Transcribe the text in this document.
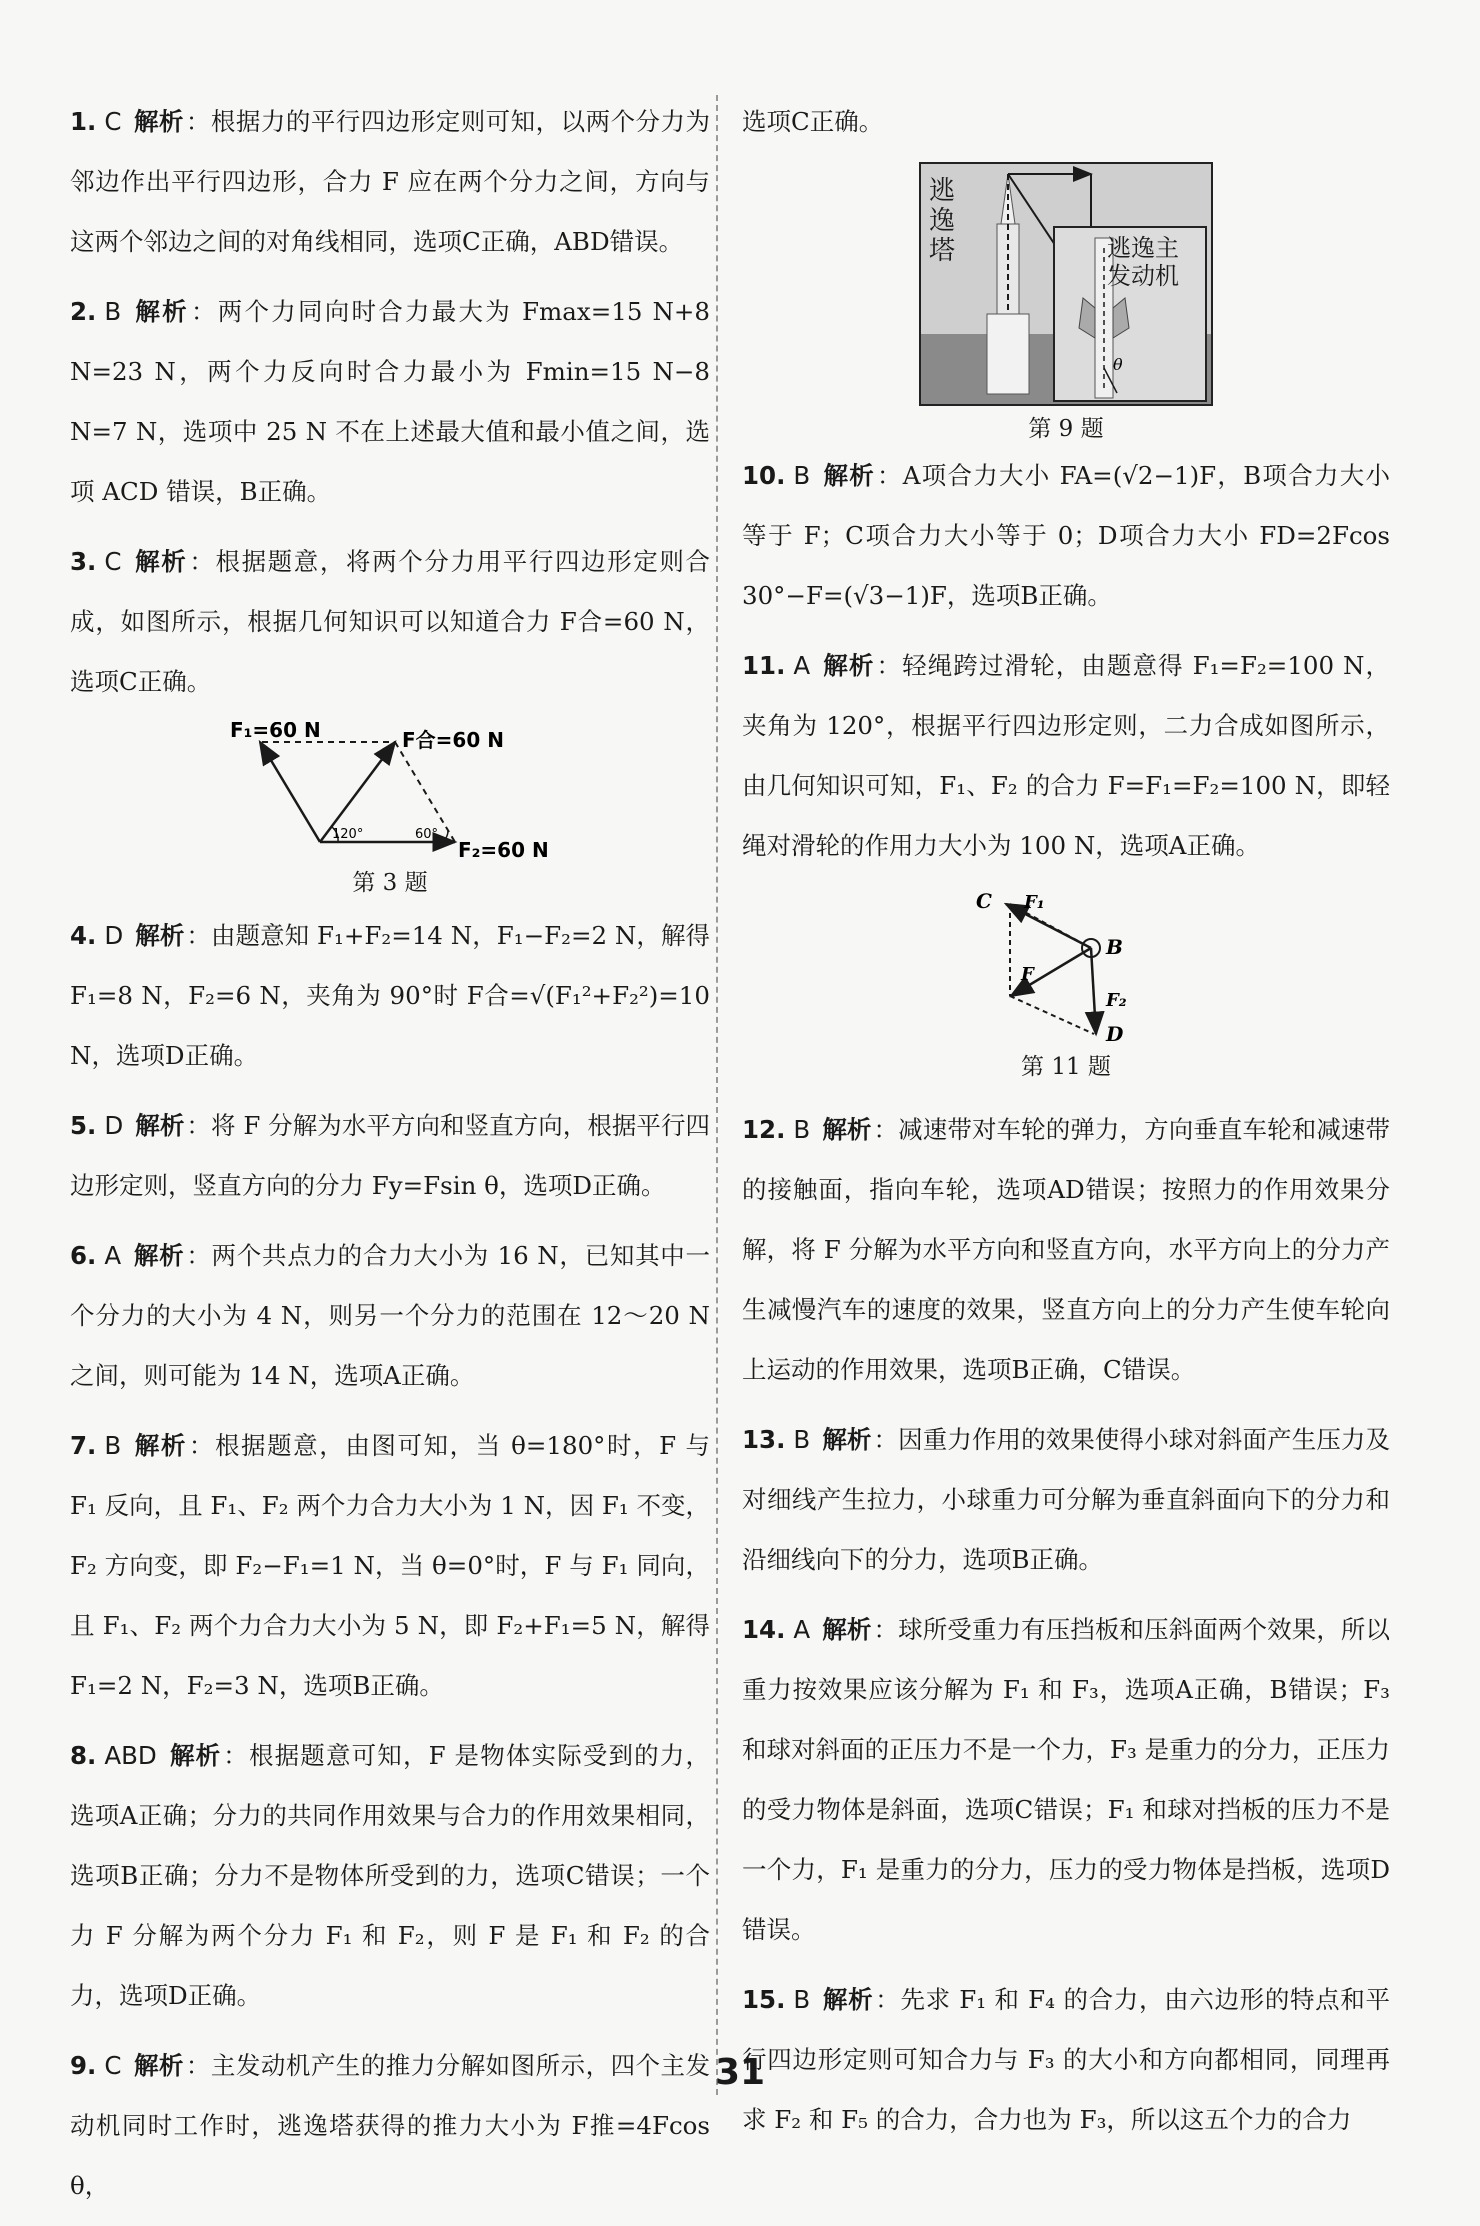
1. C 解析：根据力的平行四边形定则可知，以两个分力为邻边作出平行四边形，合力 F 应在两个分力之间，方向与这两个邻边之间的对角线相同，选项C正确，ABD错误。

2. B 解析：两个力同向时合力最大为 Fmax=15 N+8 N=23 N，两个力反向时合力最小为 Fmin=15 N−8 N=7 N，选项中 25 N 不在上述最大值和最小值之间，选项 ACD 错误，B正确。

3. C 解析：根据题意，将两个分力用平行四边形定则合成，如图所示，根据几何知识可以知道合力 F合=60 N，选项C正确。

F₁=60 N	F合=60 N
F₂=60 N
120°	60°
第 3 题

4. D 解析：由题意知 F₁+F₂=14 N，F₁−F₂=2 N，解得 F₁=8 N，F₂=6 N，夹角为 90°时 F合=√(F₁²+F₂²)=10 N，选项D正确。

5. D 解析：将 F 分解为水平方向和竖直方向，根据平行四边形定则，竖直方向的分力 Fy=Fsin θ，选项D正确。

6. A 解析：两个共点力的合力大小为 16 N，已知其中一个分力的大小为 4 N，则另一个分力的范围在 12～20 N 之间，则可能为 14 N，选项A正确。

7. B 解析：根据题意，由图可知，当 θ=180°时，F 与 F₁ 反向，且 F₁、F₂ 两个力合力大小为 1 N，因 F₁ 不变，F₂ 方向变，即 F₂−F₁=1 N，当 θ=0°时，F 与 F₁ 同向，且 F₁、F₂ 两个力合力大小为 5 N，即 F₂+F₁=5 N，解得 F₁=2 N，F₂=3 N，选项B正确。

8. ABD 解析：根据题意可知，F 是物体实际受到的力，选项A正确；分力的共同作用效果与合力的作用效果相同，选项B正确；分力不是物体所受到的力，选项C错误；一个力 F 分解为两个分力 F₁ 和 F₂，则 F 是 F₁ 和 F₂ 的合力，选项D正确。

9. C 解析：主发动机产生的推力分解如图所示，四个主发动机同时工作时，逃逸塔获得的推力大小为 F推=4Fcos θ，

选项C正确。

逃逸塔
θ
逃逸主发动机
第 9 题

10. B 解析：A项合力大小 FA=(√2−1)F，B项合力大小等于 F；C项合力大小等于 0；D项合力大小 FD=2Fcos 30°−F=(√3−1)F，选项B正确。

11. A 解析：轻绳跨过滑轮，由题意得 F₁=F₂=100 N，夹角为 120°，根据平行四边形定则，二力合成如图所示，由几何知识可知，F₁、F₂ 的合力 F=F₁=F₂=100 N，即轻绳对滑轮的作用力大小为 100 N，选项A正确。

C F₁
B
F
F₂
D
第 11 题

12. B 解析：减速带对车轮的弹力，方向垂直车轮和减速带的接触面，指向车轮，选项AD错误；按照力的作用效果分解，将 F 分解为水平方向和竖直方向，水平方向上的分力产生减慢汽车的速度的效果，竖直方向上的分力产生使车轮向上运动的作用效果，选项B正确，C错误。

13. B 解析：因重力作用的效果使得小球对斜面产生压力及对细线产生拉力，小球重力可分解为垂直斜面向下的分力和沿细线向下的分力，选项B正确。

14. A 解析：球所受重力有压挡板和压斜面两个效果，所以重力按效果应该分解为 F₁ 和 F₃，选项A正确，B错误；F₃ 和球对斜面的正压力不是一个力，F₃ 是重力的分力，正压力的受力物体是斜面，选项C错误；F₁ 和球对挡板的压力不是一个力，F₁ 是重力的分力，压力的受力物体是挡板，选项D错误。

15. B 解析：先求 F₁ 和 F₄ 的合力，由六边形的特点和平行四边形定则可知合力与 F₃ 的大小和方向都相同，同理再求 F₂ 和 F₅ 的合力，合力也为 F₃，所以这五个力的合力

31
